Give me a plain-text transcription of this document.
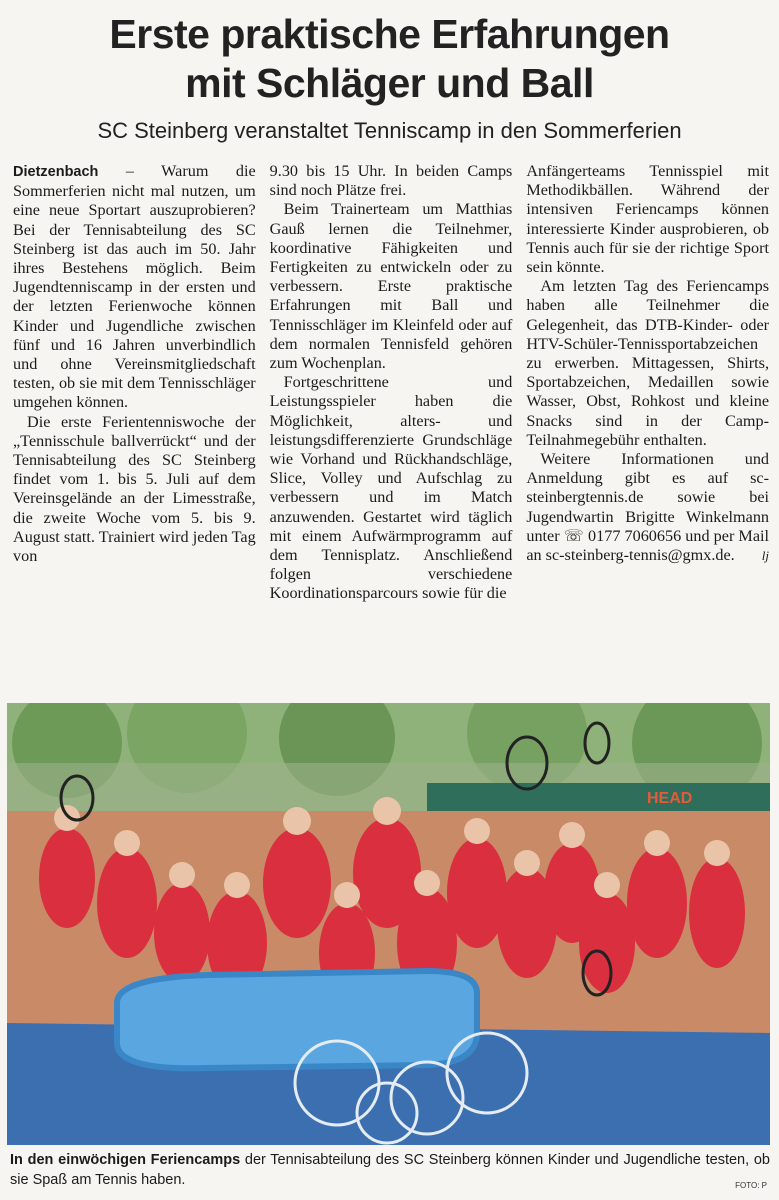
Erste praktische Erfahrungen
mit Schläger und Ball
SC Steinberg veranstaltet Tenniscamp in den Sommerferien

Dietzenbach – Warum die Sommerferien nicht mal nutzen, um eine neue Sportart auszuprobieren? Bei der Tennisabteilung des SC Steinberg ist das auch im 50. Jahr ihres Bestehens möglich. Beim Jugendtenniscamp in der ersten und der letzten Ferienwoche können Kinder und Jugendliche zwischen fünf und 16 Jahren unverbindlich und ohne Vereinsmitgliedschaft testen, ob sie mit dem Tennisschläger umgehen können.

Die erste Ferientenniswoche der „Tennisschule ballverrückt“ und der Tennisabteilung des SC Steinberg findet vom 1. bis 5. Juli auf dem Vereinsgelände an der Limesstraße, die zweite Woche vom 5. bis 9. August statt. Trainiert wird jeden Tag von

9.30 bis 15 Uhr. In beiden Camps sind noch Plätze frei.

Beim Trainerteam um Matthias Gauß lernen die Teilnehmer, koordinative Fähigkeiten und Fertigkeiten zu entwickeln oder zu verbessern. Erste praktische Erfahrungen mit Ball und Tennisschläger im Kleinfeld oder auf dem normalen Tennisfeld gehören zum Wochenplan.

Fortgeschrittene und Leistungsspieler haben die Möglichkeit, alters- und leistungsdifferenzierte Grundschläge wie Vorhand und Rückhandschläge, Slice, Volley und Aufschlag zu verbessern und im Match anzuwenden. Gestartet wird täglich mit einem Aufwärmprogramm auf dem Tennisplatz. Anschließend folgen verschiedene Koordinationsparcours sowie für die

Anfängerteams Tennisspiel mit Methodikbällen. Während der intensiven Feriencamps können interessierte Kinder ausprobieren, ob Tennis auch für sie der richtige Sport sein könnte.

Am letzten Tag des Feriencamps haben alle Teilnehmer die Gelegenheit, das DTB-Kinder- oder HTV-Schüler-Tennissportabzeichen zu erwerben. Mittagessen, Shirts, Sportabzeichen, Medaillen sowie Wasser, Obst, Rohkost und kleine Snacks sind in der Camp-Teilnahmegebühr enthalten.

Weitere Informationen und Anmeldung gibt es auf sc-steinbergtennis.de sowie bei Jugendwartin Brigitte Winkelmann unter ☏ 0177 7060656 und per Mail an sc-steinberg-tennis@gmx.de.	lj

HEAD
In den einwöchigen Feriencamps der Tennisabteilung des SC Steinberg können Kinder und Jugendliche testen, ob sie Spaß am Tennis haben.	FOTO: P
